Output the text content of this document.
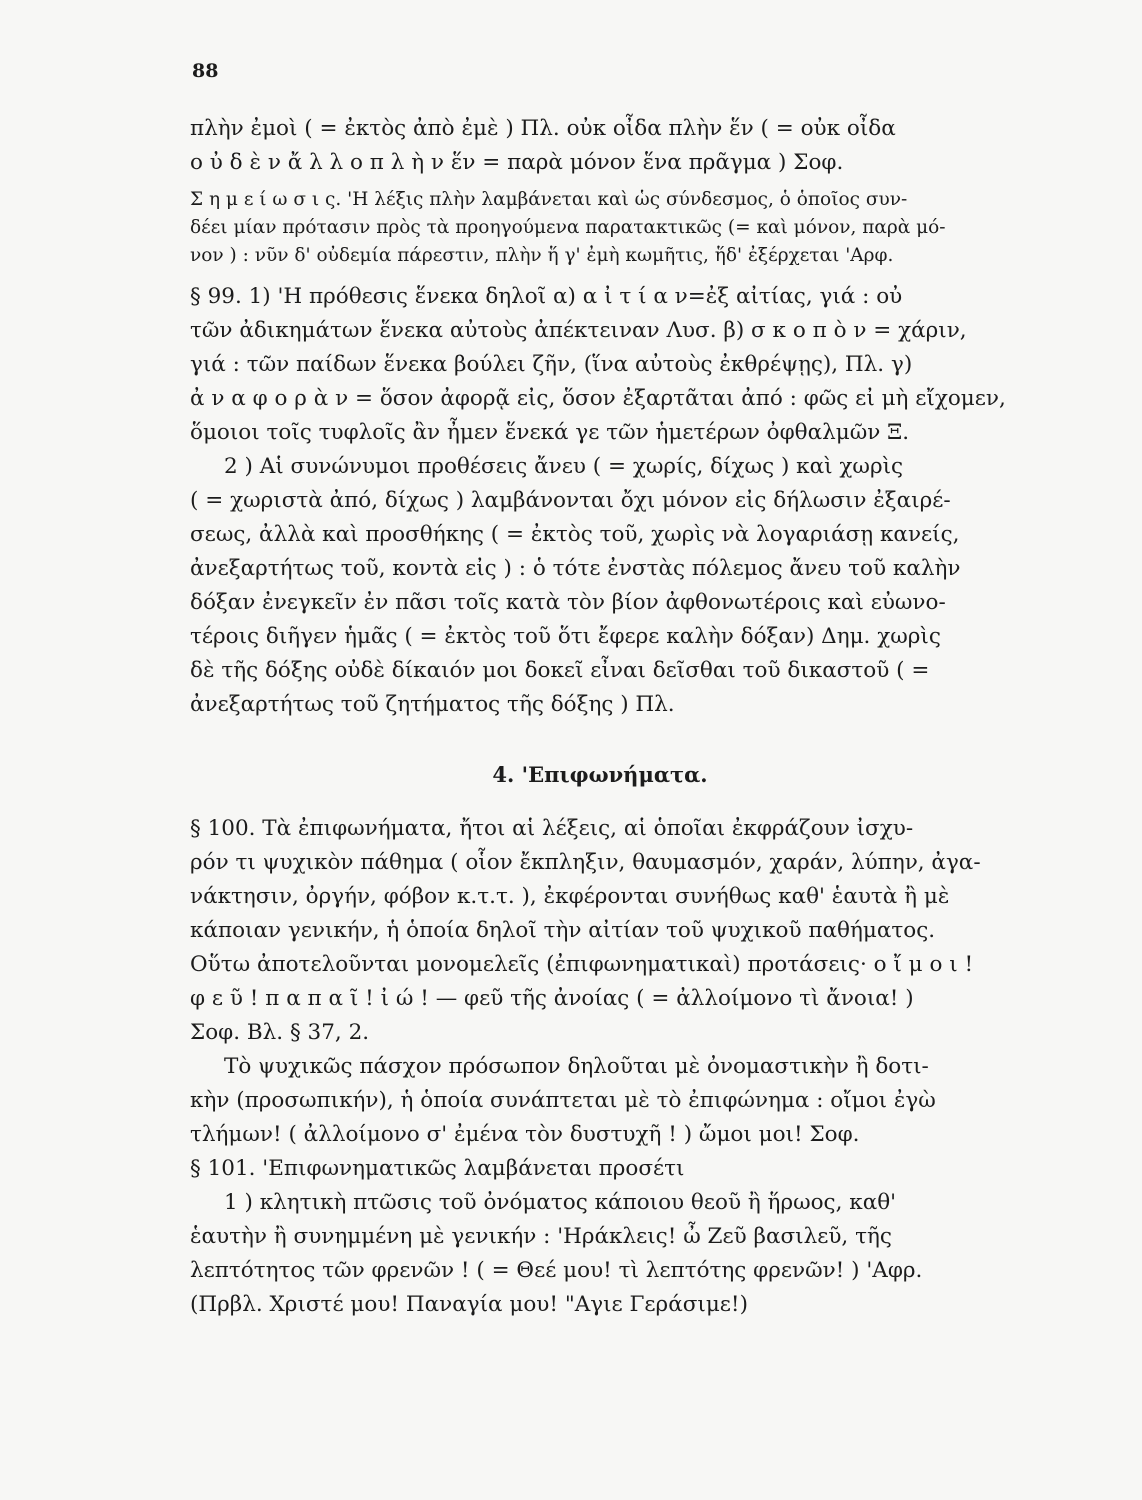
88
πλὴν ἐμοὶ ( = ἐκτὸς ἀπὸ ἐμὲ ) Πλ. οὐκ οἶδα πλὴν ἕν ( = οὐκ οἶδα
ο ὐ δ ὲ ν ἄ λ λ ο π λ ὴ ν ἕν = παρὰ μόνον ἕνα πρᾶγμα ) Σοφ.
Σ η μ ε ί ω σ ι ς. 'Η λέξις πλὴν λαμβάνεται καὶ ὡς σύνδεσμος, ὁ ὁποῖος συν-
δέει μίαν πρότασιν πρὸς τὰ προηγούμενα παρατακτικῶς (= καὶ μόνον, παρὰ μό-
νον ) : νῦν δ' οὐδεμία πάρεστιν, πλὴν ἥ γ' ἐμὴ κωμῆτις, ἥδ' ἐξέρχεται 'Αρφ.
§ 99. 1) 'Η πρόθεσις ἕνεκα δηλοῖ α) α ἰ τ ί α ν=ἐξ αἰτίας, γιά : οὐ
τῶν ἀδικημάτων ἕνεκα αὐτοὺς ἀπέκτειναν Λυσ. β) σ κ ο π ὸ ν = χάριν,
γιά : τῶν παίδων ἕνεκα βούλει ζῆν, (ἵνα αὐτοὺς ἐκθρέψῃς), Πλ. γ)
ἀ ν α φ ο ρ ὰ ν = ὅσον ἀφορᾷ εἰς, ὅσον ἐξαρτᾶται ἀπό : φῶς εἰ μὴ εἴχομεν,
ὅμοιοι τοῖς τυφλοῖς ἂν ἦμεν ἕνεκά γε τῶν ἡμετέρων ὀφθαλμῶν Ξ.
2 ) Αἱ συνώνυμοι προθέσεις ἄνευ ( = χωρίς, δίχως ) καὶ χωρὶς
( = χωριστὰ ἀπό, δίχως ) λαμβάνονται ὄχι μόνον εἰς δήλωσιν ἐξαιρέ-
σεως, ἀλλὰ καὶ προσθήκης ( = ἐκτὸς τοῦ, χωρὶς νὰ λογαριάσῃ κανείς,
ἀνεξαρτήτως τοῦ, κοντὰ εἰς ) : ὁ τότε ἐνστὰς πόλεμος ἄνευ τοῦ καλὴν
δόξαν ἐνεγκεῖν ἐν πᾶσι τοῖς κατὰ τὸν βίον ἀφθονωτέροις καὶ εὐωνο-
τέροις διῆγεν ἡμᾶς ( = ἐκτὸς τοῦ ὅτι ἔφερε καλὴν δόξαν) Δημ. χωρὶς
δὲ τῆς δόξης οὐδὲ δίκαιόν μοι δοκεῖ εἶναι δεῖσθαι τοῦ δικαστοῦ ( =
ἀνεξαρτήτως τοῦ ζητήματος τῆς δόξης ) Πλ.
4. 'Επιφωνήματα.
§ 100. Τὰ ἐπιφωνήματα, ἤτοι αἱ λέξεις, αἱ ὁποῖαι ἐκφράζουν ἰσχυ-
ρόν τι ψυχικὸν πάθημα ( οἷον ἔκπληξιν, θαυμασμόν, χαράν, λύπην, ἀγα-
νάκτησιν, ὀργήν, φόβον κ.τ.τ. ), ἐκφέρονται συνήθως καθ' ἑαυτὰ ἢ μὲ
κάποιαν γενικήν, ἡ ὁποία δηλοῖ τὴν αἰτίαν τοῦ ψυχικοῦ παθήματος.
Οὕτω ἀποτελοῦνται μονομελεῖς (ἐπιφωνηματικαὶ) προτάσεις· ο ἴ μ ο ι !
φ ε ῦ ! π α π α ῖ ! ἰ ώ ! — φεῦ τῆς ἀνοίας ( = ἀλλοίμονο τὶ ἄνοια! )
Σοφ. Βλ. § 37, 2.
Τὸ ψυχικῶς πάσχον πρόσωπον δηλοῦται μὲ ὀνομαστικὴν ἢ δοτι-
κὴν (προσωπικήν), ἡ ὁποία συνάπτεται μὲ τὸ ἐπιφώνημα : οἴμοι ἐγὼ
τλήμων! ( ἀλλοίμονο σ' ἐμένα τὸν δυστυχῆ ! ) ὤμοι μοι! Σοφ.
§ 101. 'Επιφωνηματικῶς λαμβάνεται προσέτι
1 ) κλητικὴ πτῶσις τοῦ ὀνόματος κάποιου θεοῦ ἢ ἥρωος, καθ'
ἑαυτὴν ἢ συνημμένη μὲ γενικήν : 'Ηράκλεις! ὦ Ζεῦ βασιλεῦ, τῆς
λεπτότητος τῶν φρενῶν ! ( = Θεέ μου! τὶ λεπτότης φρενῶν! ) 'Αφρ.
(Πρβλ. Χριστέ μου! Παναγία μου! "Αγιε Γεράσιμε!)
